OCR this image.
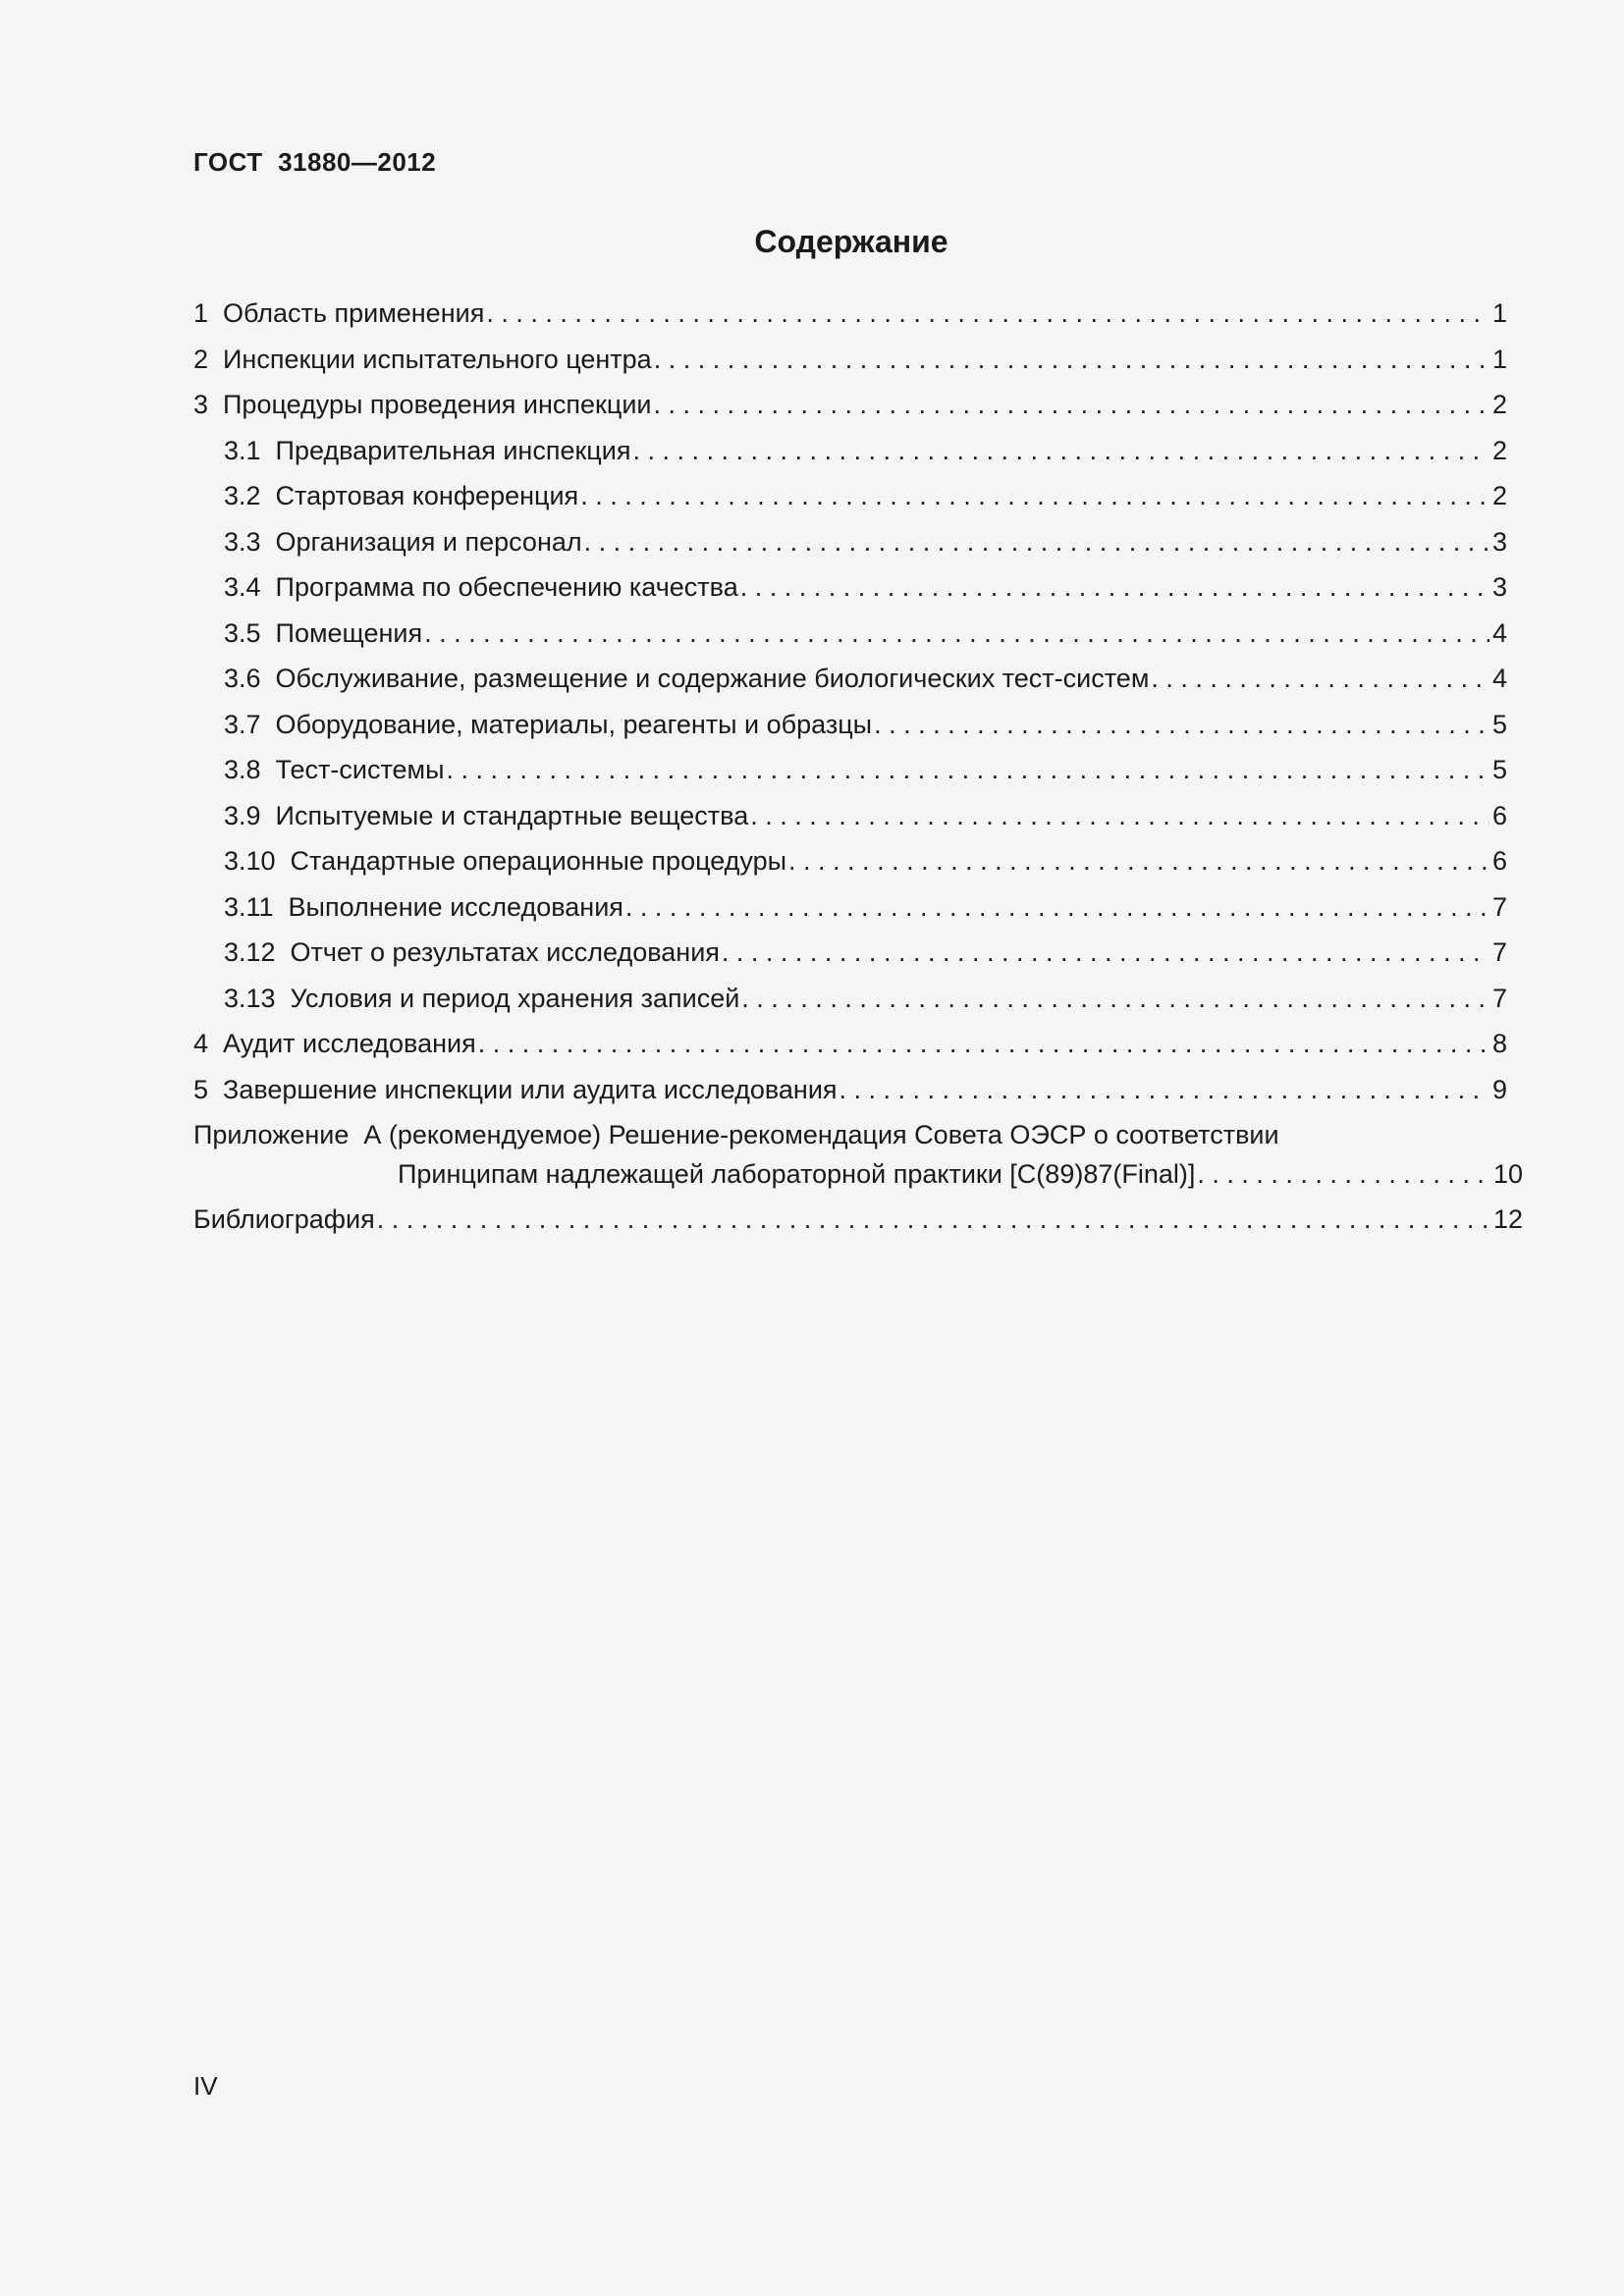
ГОСТ  31880—2012
Содержание
1  Область применения . . .	1
2  Инспекции испытательного центра . . .	1
3  Процедуры проведения инспекции . . .	2
3.1  Предварительная инспекция . . .	2
3.2  Стартовая конференция . . .	2
3.3  Организация и персонал . . .	3
3.4  Программа по обеспечению качества . . .	3
3.5  Помещения . . .	4
3.6  Обслуживание, размещение и содержание биологических тест-систем . . .	4
3.7  Оборудование, материалы, реагенты и образцы . . .	5
3.8  Тест-системы . . .	5
3.9  Испытуемые и стандартные вещества . . .	6
3.10  Стандартные операционные процедуры . . .	6
3.11  Выполнение исследования . . .	7
3.12  Отчет о результатах исследования . . .	7
3.13  Условия и период хранения записей . . .	7
4  Аудит исследования . . .	8
5  Завершение инспекции или аудита исследования . . .	9
Приложение  А (рекомендуемое) Решение-рекомендация Совета ОЭСР о соответствии
Принципам надлежащей лабораторной практики [C(89)87(Final)] . . .	10
Библиография . . .	12
IV
